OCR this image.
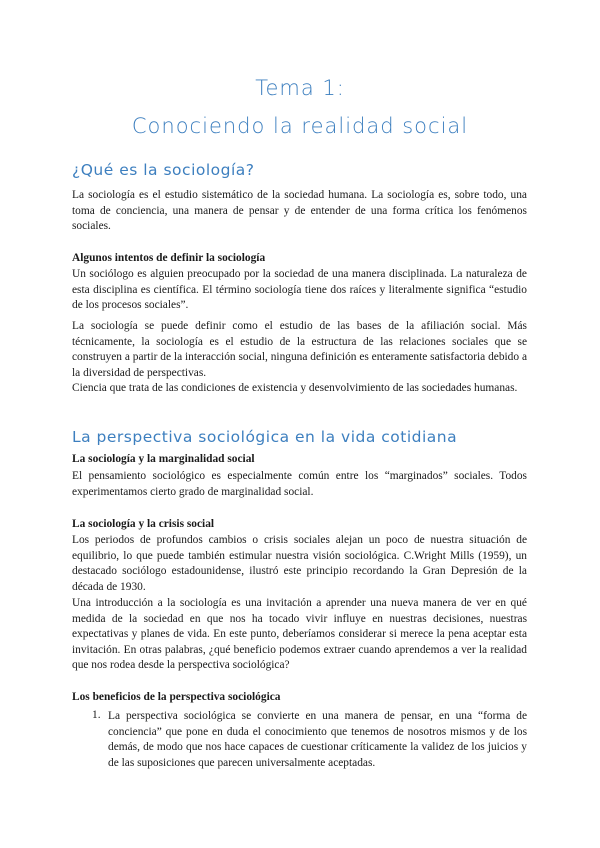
Tema 1:
Conociendo la realidad social
¿Qué es la sociología?
La sociología es el estudio sistemático de la sociedad humana. La sociología es, sobre todo, una toma de conciencia, una manera de pensar y de entender de una forma crítica los fenómenos sociales.
Algunos intentos de definir la sociología
Un sociólogo es alguien preocupado por la sociedad de una manera disciplinada. La naturaleza de esta disciplina es científica. El término sociología tiene dos raíces y literalmente significa “estudio de los procesos sociales”.
La sociología se puede definir como el estudio de las bases de la afiliación social. Más técnicamente, la sociología es el estudio de la estructura de las relaciones sociales que se construyen a partir de la interacción social, ninguna definición es enteramente satisfactoria debido a la diversidad de perspectivas.
Ciencia que trata de las condiciones de existencia y desenvolvimiento de las sociedades humanas.
La perspectiva sociológica en la vida cotidiana
La sociología y la marginalidad social
El pensamiento sociológico es especialmente común entre los “marginados” sociales. Todos experimentamos cierto grado de marginalidad social.
La sociología y la crisis social
Los periodos de profundos cambios o crisis sociales alejan un poco de nuestra situación de equilibrio, lo que puede también estimular nuestra visión sociológica. C.Wright Mills (1959), un destacado sociólogo estadounidense, ilustró este principio recordando la Gran Depresión de la década de 1930.
Una introducción a la sociología es una invitación a aprender una nueva manera de ver en qué medida de la sociedad en que nos ha tocado vivir influye en nuestras decisiones, nuestras expectativas y planes de vida. En este punto, deberíamos considerar si merece la pena aceptar esta invitación. En otras palabras, ¿qué beneficio podemos extraer cuando aprendemos a ver la realidad que nos rodea desde la perspectiva sociológica?
Los beneficios de la perspectiva sociológica
1. La perspectiva sociológica se convierte en una manera de pensar, en una “forma de conciencia” que pone en duda el conocimiento que tenemos de nosotros mismos y de los demás, de modo que nos hace capaces de cuestionar críticamente la validez de los juicios y de las suposiciones que parecen universalmente aceptadas.
